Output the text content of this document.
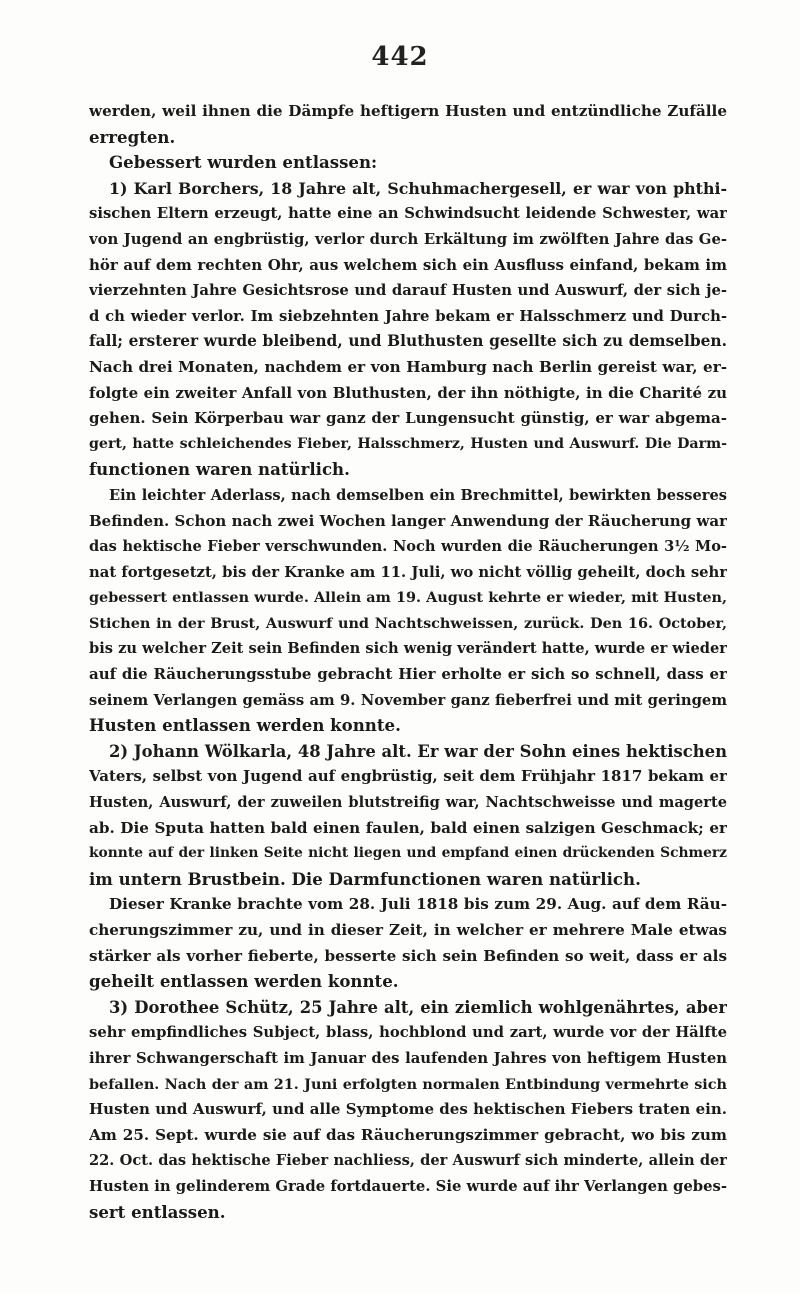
442
werden, weil ihnen die Dämpfe heftigern Husten und entzündliche Zufälle
erregten.
Gebessert wurden entlassen:
1) Karl Borchers, 18 Jahre alt, Schuhmachergesell, er war von phthi-
sischen Eltern erzeugt, hatte eine an Schwindsucht leidende Schwester, war
von Jugend an engbrüstig, verlor durch Erkältung im zwölften Jahre das Ge-
hör auf dem rechten Ohr, aus welchem sich ein Ausfluss einfand, bekam im
vierzehnten Jahre Gesichtsrose und darauf Husten und Auswurf, der sich je-
d ch wieder verlor. Im siebzehnten Jahre bekam er Halsschmerz und Durch-
fall; ersterer wurde bleibend, und Bluthusten gesellte sich zu demselben.
Nach drei Monaten, nachdem er von Hamburg nach Berlin gereist war, er-
folgte ein zweiter Anfall von Bluthusten, der ihn nöthigte, in die Charité zu
gehen. Sein Körperbau war ganz der Lungensucht günstig, er war abgema-
gert, hatte schleichendes Fieber, Halsschmerz, Husten und Auswurf. Die Darm-
functionen waren natürlich.
Ein leichter Aderlass, nach demselben ein Brechmittel, bewirkten besseres
Befinden. Schon nach zwei Wochen langer Anwendung der Räucherung war
das hektische Fieber verschwunden. Noch wurden die Räucherungen 3½ Mo-
nat fortgesetzt, bis der Kranke am 11. Juli, wo nicht völlig geheilt, doch sehr
gebessert entlassen wurde. Allein am 19. August kehrte er wieder, mit Husten,
Stichen in der Brust, Auswurf und Nachtschweissen, zurück. Den 16. October,
bis zu welcher Zeit sein Befinden sich wenig verändert hatte, wurde er wieder
auf die Räucherungsstube gebracht Hier erholte er sich so schnell, dass er
seinem Verlangen gemäss am 9. November ganz fieberfrei und mit geringem
Husten entlassen werden konnte.
2) Johann Wölkarla, 48 Jahre alt. Er war der Sohn eines hektischen
Vaters, selbst von Jugend auf engbrüstig, seit dem Frühjahr 1817 bekam er
Husten, Auswurf, der zuweilen blutstreifig war, Nachtschweisse und magerte
ab. Die Sputa hatten bald einen faulen, bald einen salzigen Geschmack; er
konnte auf der linken Seite nicht liegen und empfand einen drückenden Schmerz
im untern Brustbein. Die Darmfunctionen waren natürlich.
Dieser Kranke brachte vom 28. Juli 1818 bis zum 29. Aug. auf dem Räu-
cherungszimmer zu, und in dieser Zeit, in welcher er mehrere Male etwas
stärker als vorher fieberte, besserte sich sein Befinden so weit, dass er als
geheilt entlassen werden konnte.
3) Dorothee Schütz, 25 Jahre alt, ein ziemlich wohlgenährtes, aber
sehr empfindliches Subject, blass, hochblond und zart, wurde vor der Hälfte
ihrer Schwangerschaft im Januar des laufenden Jahres von heftigem Husten
befallen. Nach der am 21. Juni erfolgten normalen Entbindung vermehrte sich
Husten und Auswurf, und alle Symptome des hektischen Fiebers traten ein.
Am 25. Sept. wurde sie auf das Räucherungszimmer gebracht, wo bis zum
22. Oct. das hektische Fieber nachliess, der Auswurf sich minderte, allein der
Husten in gelinderem Grade fortdauerte. Sie wurde auf ihr Verlangen gebes-
sert entlassen.
